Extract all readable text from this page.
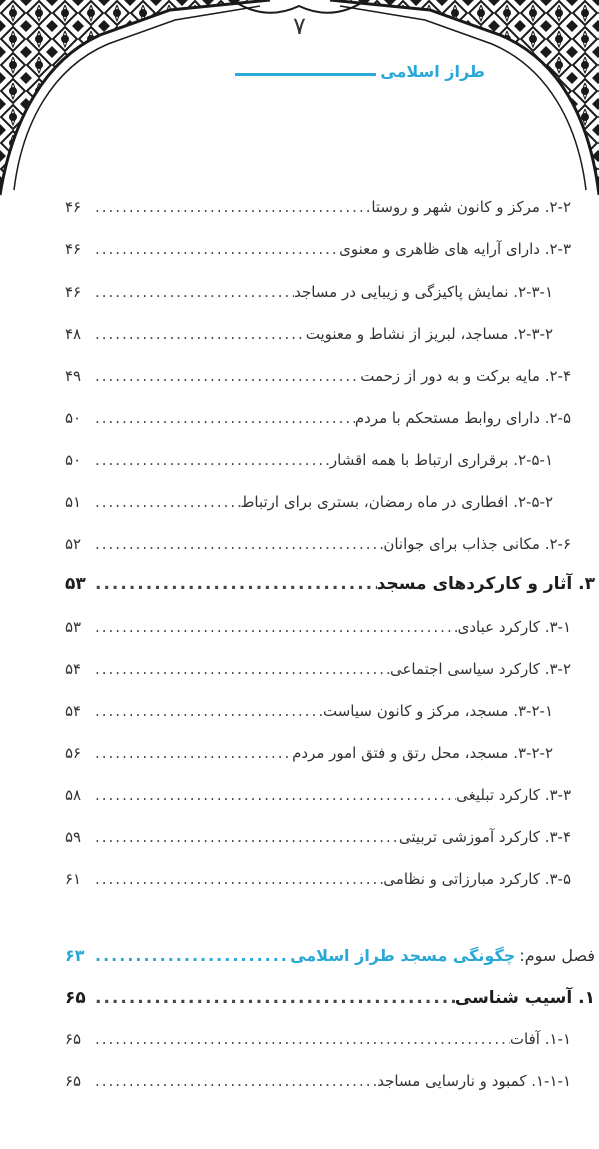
۷
طراز اسلامی
۲-۲. مرکز و کانون شهر و روستا
.....
۴۶
۲-۳. دارای آرایه های ظاهری و معنوی
.....
۴۶
۲-۳-۱. نمایش پاکیزگی و زیبایی در مساجد
.....
۴۶
۲-۳-۲. مساجد، لبریز از نشاط و معنویت
.....
۴۸
۲-۴. مایه برکت و به دور از زحمت
.....
۴۹
۲-۵. دارای روابط مستحکم با مردم
.....
۵۰
۲-۵-۱. برقراری ارتباط با همه اقشار
.....
۵۰
۲-۵-۲. افطاری در ماه رمضان، بستری برای ارتباط
.....
۵۱
۲-۶. مکانی جذاب برای جوانان
.....
۵۲
۳. آثار و کارکردهای مسجد
.....
۵۳
۳-۱. کارکرد عبادی
.....
۵۳
۳-۲. کارکرد سیاسی اجتماعی
.....
۵۴
۳-۲-۱. مسجد، مرکز و کانون سیاست
.....
۵۴
۳-۲-۲. مسجد، محل رتق و فتق امور مردم
.....
۵۶
۳-۳. کارکرد تبلیغی
.....
۵۸
۳-۴. کارکرد آموزشی تربیتی
.....
۵۹
۳-۵. کارکرد مبارزاتی و نظامی
.....
۶۱
فصل سوم:
چگونگی مسجد طراز اسلامی
.....
۶۳
۱. آسیب شناسی
.....
۶۵
۱-۱. آفات
.....
۶۵
۱-۱-۱. کمبود و نارسایی مساجد
.....
۶۵
